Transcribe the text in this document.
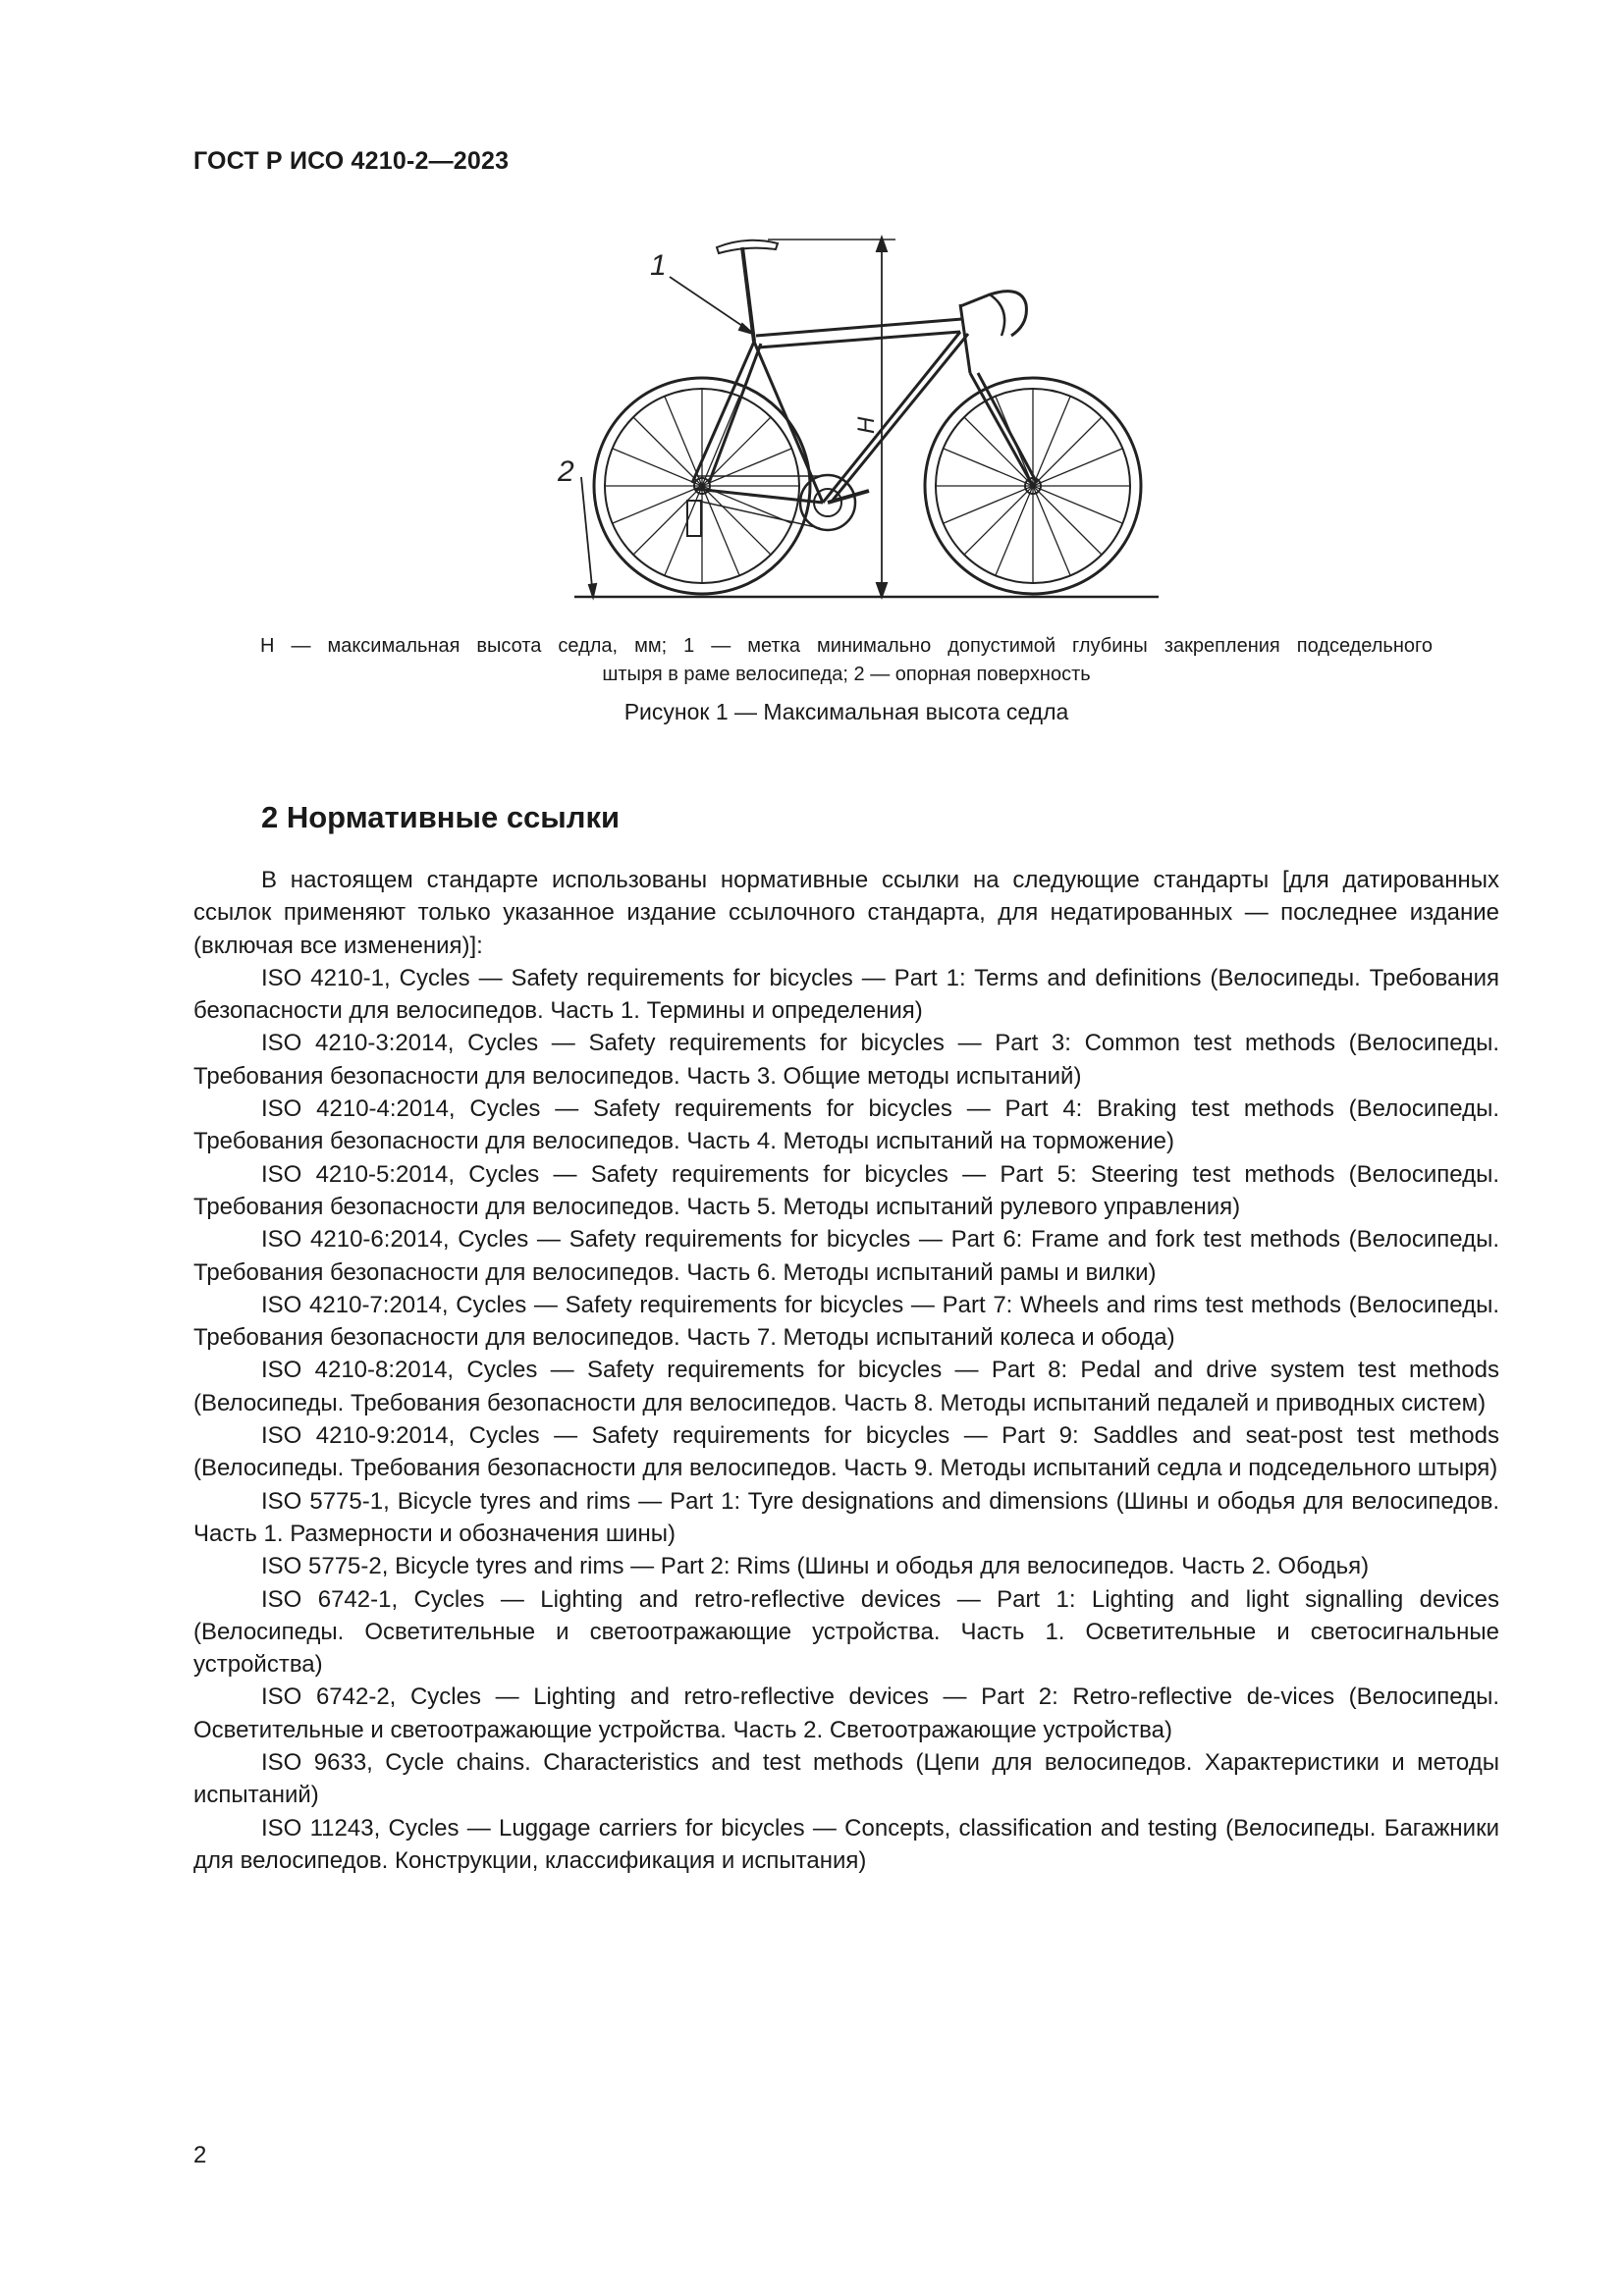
ГОСТ Р ИСО 4210-2—2023
1
2
H
H — максимальная высота седла, мм; 1 — метка минимально допустимой глубины закрепления подседельного
штыря в раме велосипеда; 2 — опорная поверхность
Рисунок 1 — Максимальная высота седла
2 Нормативные ссылки

В настоящем стандарте использованы нормативные ссылки на следующие стандарты [для датированных ссылок применяют только указанное издание ссылочного стандарта, для недатированных — последнее издание (включая все изменения)]:

ISO 4210-1, Cycles — Safety requirements for bicycles — Part 1: Terms and definitions (Велосипеды. Требования безопасности для велосипедов. Часть 1. Термины и определения)

ISO 4210-3:2014, Cycles — Safety requirements for bicycles — Part 3: Common test methods (Велосипеды. Требования безопасности для велосипедов. Часть 3. Общие методы испытаний)

ISO 4210-4:2014, Cycles — Safety requirements for bicycles — Part 4: Braking test methods (Велосипеды. Требования безопасности для велосипедов. Часть 4. Методы испытаний на торможение)

ISO 4210-5:2014, Cycles — Safety requirements for bicycles — Part 5: Steering test methods (Велосипеды. Требования безопасности для велосипедов. Часть 5. Методы испытаний рулевого управления)

ISO 4210-6:2014, Cycles — Safety requirements for bicycles — Part 6: Frame and fork test methods (Велосипеды. Требования безопасности для велосипедов. Часть 6. Методы испытаний рамы и вилки)

ISO 4210-7:2014, Cycles — Safety requirements for bicycles — Part 7: Wheels and rims test methods (Велосипеды. Требования безопасности для велосипедов. Часть 7. Методы испытаний колеса и обода)

ISO 4210-8:2014, Cycles — Safety requirements for bicycles — Part 8: Pedal and drive system test methods (Велосипеды. Требования безопасности для велосипедов. Часть 8. Методы испытаний педалей и приводных систем)

ISO 4210-9:2014, Cycles — Safety requirements for bicycles — Part 9: Saddles and seat-post test methods (Велосипеды. Требования безопасности для велосипедов. Часть 9. Методы испытаний седла и подседельного штыря)

ISO 5775-1, Bicycle tyres and rims — Part 1: Tyre designations and dimensions (Шины и ободья для велосипедов. Часть 1. Размерности и обозначения шины)

ISO 5775-2, Bicycle tyres and rims — Part 2: Rims (Шины и ободья для велосипедов. Часть 2. Ободья)

ISO 6742-1, Cycles — Lighting and retro-reflective devices — Part 1: Lighting and light signalling devices (Велосипеды. Осветительные и светоотражающие устройства. Часть 1. Осветительные и светосигнальные устройства)

ISO 6742-2, Cycles — Lighting and retro-reflective devices — Part 2: Retro-reflective de-vices (Велосипеды. Осветительные и светоотражающие устройства. Часть 2. Светоотражающие устройства)

ISO 9633, Cycle chains. Characteristics and test methods (Цепи для велосипедов. Характеристики и методы испытаний)

ISO 11243, Cycles — Luggage carriers for bicycles — Concepts, classification and testing (Велосипеды. Багажники для велосипедов. Конструкции, классификация и испытания)

2
